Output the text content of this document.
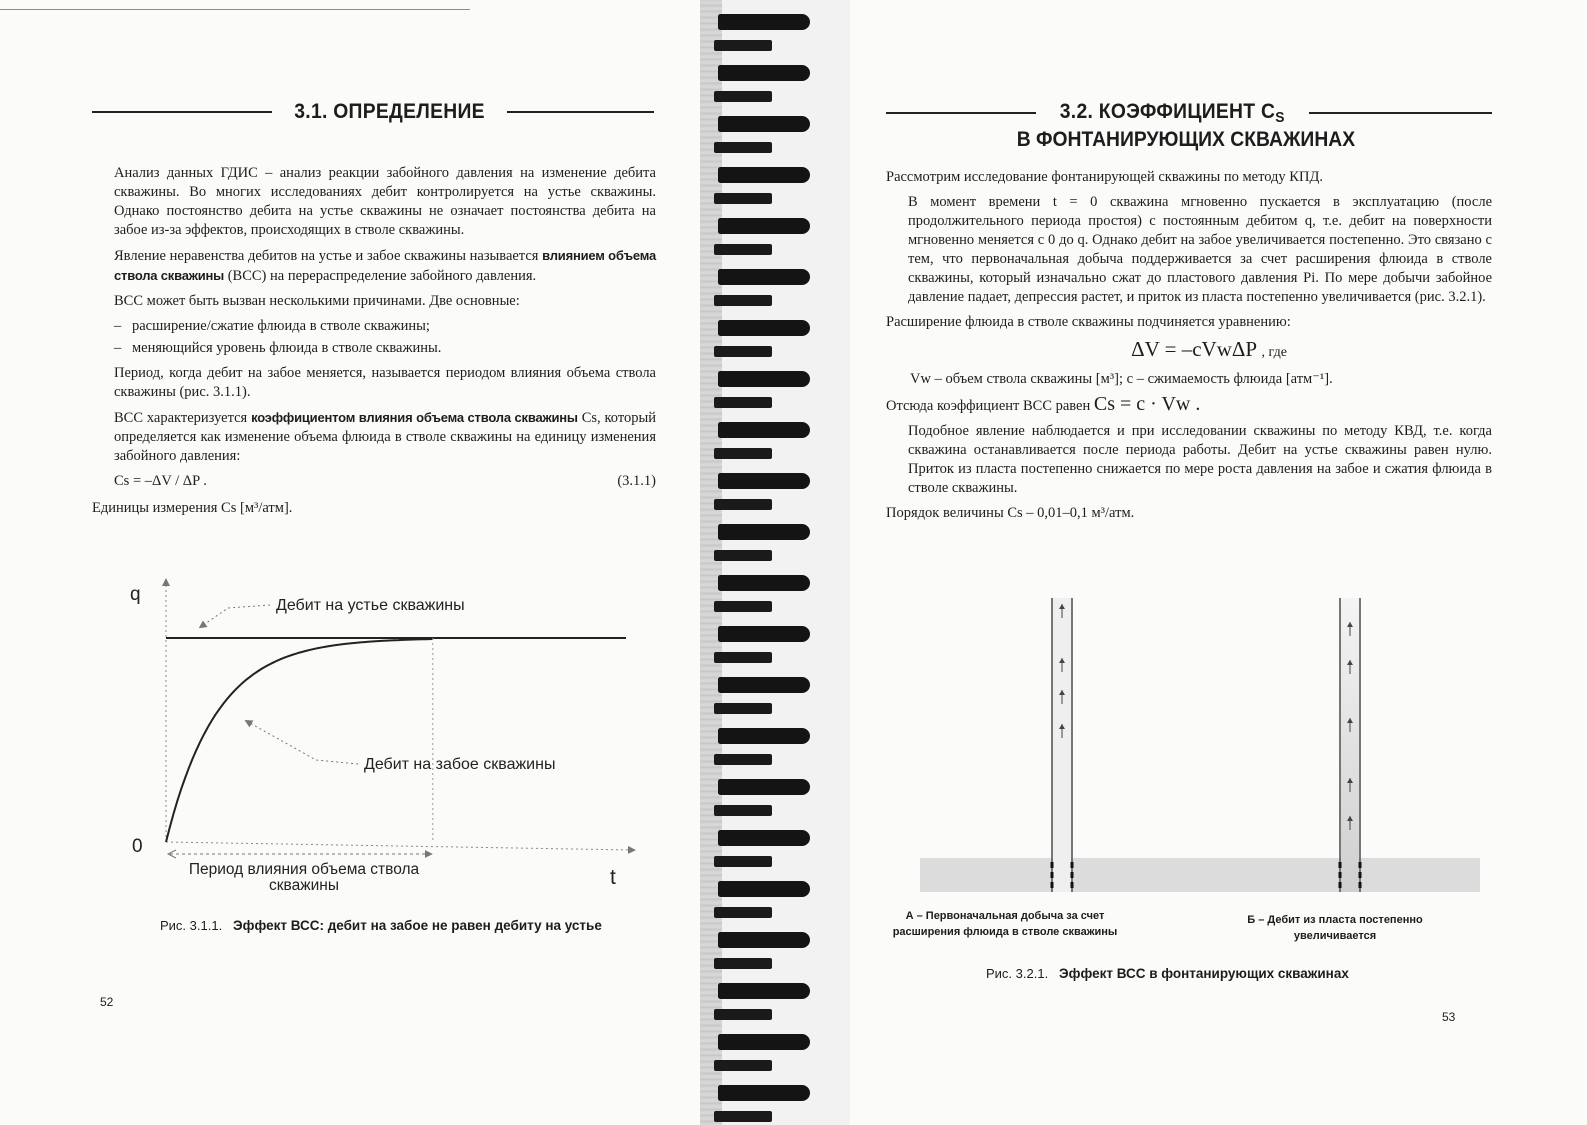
3.1. ОПРЕДЕЛЕНИЕ

Анализ данных ГДИС – анализ реакции забойного давления на изменение дебита скважины. Во многих исследованиях дебит контролируется на устье скважины. Однако постоянство дебита на устье скважины не означает постоянства дебита на забое из-за эффектов, происходящих в стволе скважины.

Явление неравенства дебитов на устье и забое скважины называется влиянием объема ствола скважины (ВСС) на перераспределение забойного давления.

ВСС может быть вызван несколькими причинами. Две основные:

– расширение/сжатие флюида в стволе скважины;
– меняющийся уровень флюида в стволе скважины.

Период, когда дебит на забое меняется, называется периодом влияния объема ствола скважины (рис. 3.1.1).

ВСС характеризуется коэффициентом влияния объема ствола скважины Cs, который определяется как изменение объема флюида в стволе скважины на единицу изменения забойного давления:

Cs = –ΔV / ΔP .	(3.1.1)

Единицы измерения Cs [м³/атм].

q
0
t
Период влияния объема ствола
скважины
Дебит на устье скважины
Дебит на забое скважины
Рис. 3.1.1. Эффект ВСС: дебит на забое не равен дебиту на устье
52
3.2. КОЭФФИЦИЕНТ CS
В ФОНТАНИРУЮЩИХ СКВАЖИНАХ

Рассмотрим исследование фонтанирующей скважины по методу КПД.

В момент времени t = 0 скважина мгновенно пускается в эксплуатацию (после продолжительного периода простоя) с постоянным дебитом q, т.е. дебит на поверхности мгновенно меняется с 0 до q. Однако дебит на забое увеличивается постепенно. Это связано с тем, что первоначальная добыча поддерживается за счет расширения флюида в стволе скважины, который изначально сжат до пластового давления Pi. По мере добычи забойное давление падает, депрессия растет, и приток из пласта постепенно увеличивается (рис. 3.2.1).

Расширение флюида в стволе скважины подчиняется уравнению:

ΔV = –cVwΔP , где

Vw – объем ствола скважины [м³]; c – сжимаемость флюида [атм⁻¹].

Отсюда коэффициент ВСС равен Cs = c · Vw .

Подобное явление наблюдается и при исследовании скважины по методу КВД, т.е. когда скважина останавливается после периода работы. Дебит на устье скважины равен нулю. Приток из пласта постепенно снижается по мере роста давления на забое и сжатия флюида в стволе скважины.

Порядок величины Cs – 0,01–0,1 м³/атм.

А – Первоначальная добыча за счет
расширения флюида в стволе скважины
Б – Дебит из пласта постепенно
увеличивается
Рис. 3.2.1. Эффект ВСС в фонтанирующих скважинах
53
